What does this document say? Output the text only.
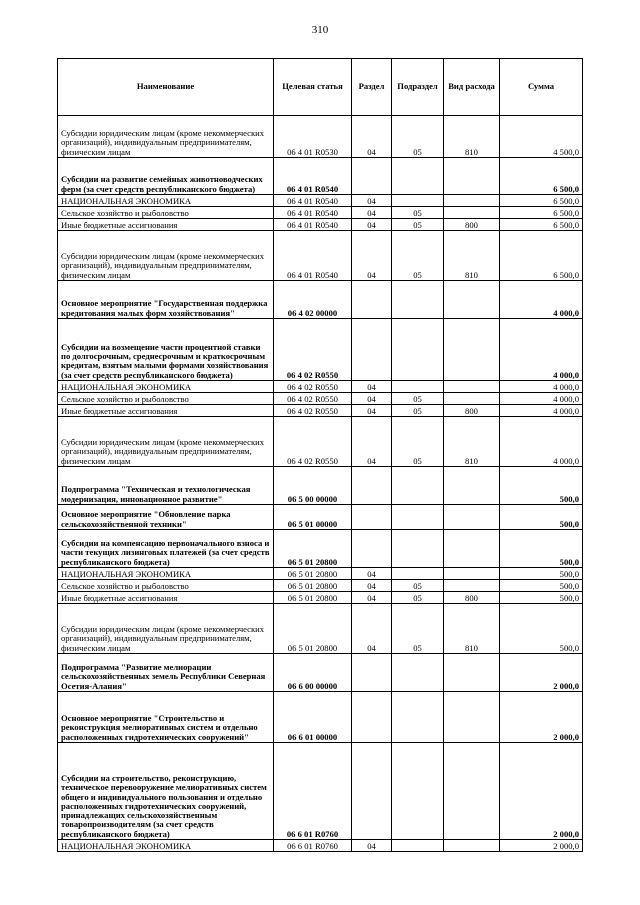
310
Наименование	Целевая статья	Раздел	Подраздел	Вид расхода	Сумма
Субсидии юридическим лицам (кроме некоммерческих организаций), индивидуальным предпринимателям, физическим лицам	06 4 01 R0530	04	05	810	4 500,0
Субсидии на развитие семейных животноводческих ферм (за счет средств республиканского бюджета)	06 4 01 R0540				6 500,0
НАЦИОНАЛЬНАЯ ЭКОНОМИКА	06 4 01 R0540	04			6 500,0
Сельское хозяйство и рыболовство	06 4 01 R0540	04	05		6 500,0
Иные бюджетные ассигнования	06 4 01 R0540	04	05	800	6 500,0
Субсидии юридическим лицам (кроме некоммерческих организаций), индивидуальным предпринимателям, физическим лицам	06 4 01 R0540	04	05	810	6 500,0
Основное мероприятие "Государственная поддержка кредитования малых форм хозяйствования"	06 4 02 00000				4 000,0
Субсидии на возмещение части процентной ставки по долгосрочным, среднесрочным и краткосрочным кредитам, взятым малыми формами хозяйствования (за счет средств республиканского бюджета)	06 4 02 R0550				4 000,0
НАЦИОНАЛЬНАЯ ЭКОНОМИКА	06 4 02 R0550	04			4 000,0
Сельское хозяйство и рыболовство	06 4 02 R0550	04	05		4 000,0
Иные бюджетные ассигнования	06 4 02 R0550	04	05	800	4 000,0
Субсидии юридическим лицам (кроме некоммерческих организаций), индивидуальным предпринимателям, физическим лицам	06 4 02 R0550	04	05	810	4 000,0
Подпрограмма "Техническая и технологическая модернизация, инновационное развитие"	06 5 00 00000				500,0
Основное мероприятие "Обновление парка сельскохозяйственной техники"	06 5 01 00000				500,0
Субсидии на компенсацию первоначального взноса и части текущих лизинговых платежей (за счет средств республиканского бюджета)	06 5 01 20800				500,0
НАЦИОНАЛЬНАЯ ЭКОНОМИКА	06 5 01 20800	04			500,0
Сельское хозяйство и рыболовство	06 5 01 20800	04	05		500,0
Иные бюджетные ассигнования	06 5 01 20800	04	05	800	500,0
Субсидии юридическим лицам (кроме некоммерческих организаций), индивидуальным предпринимателям, физическим лицам	06 5 01 20800	04	05	810	500,0
Подпрограмма "Развитие мелиорации сельскохозяйственных земель Республики Северная Осетия-Алания"	06 6 00 00000				2 000,0
Основное мероприятие "Строительство и реконструкция мелиоративных систем и отдельно расположенных гидротехнических сооружений"	06 6 01 00000				2 000,0
Субсидии на строительство, реконструкцию, техническое перевооружение мелиоративных систем общего и индивидуального пользования и отдельно расположенных гидротехнических сооружений, принадлежащих сельскохозяйственным товаропроизводителям (за счет средств республиканского бюджета)	06 6 01 R0760				2 000,0
НАЦИОНАЛЬНАЯ ЭКОНОМИКА	06 6 01 R0760	04			2 000,0
